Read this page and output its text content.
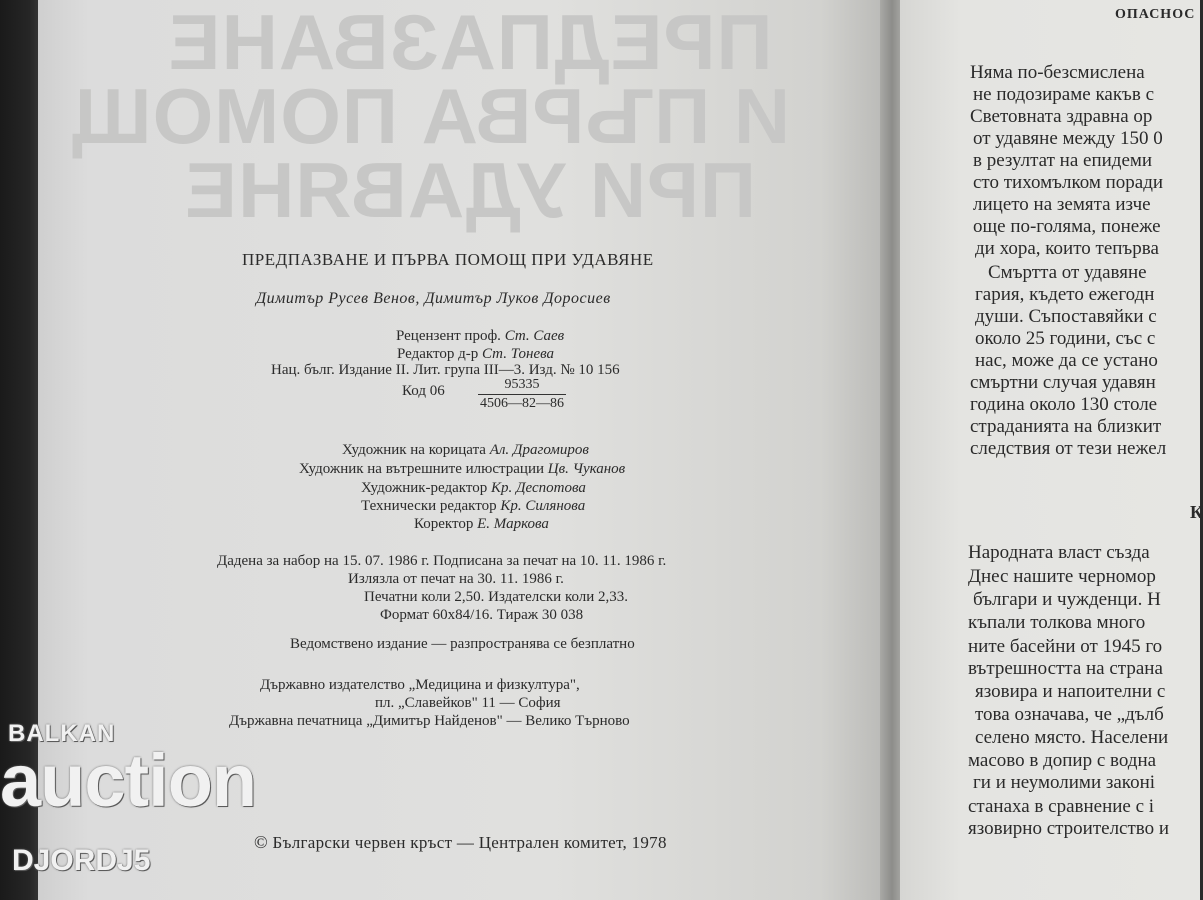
ПРЕДПАЗВАНЕ
И ПЪРВА ПОМОЩ
ПРИ УДАВЯНЕ
ПРЕДПАЗВАНЕ И ПЪРВА ПОМОЩ ПРИ УДАВЯНЕ
Димитър Русев Венов, Димитър Луков Доросиев
Рецензент проф. Ст. Саев
Редактор д-р Ст. Тонева
Нац. бълг. Издание II. Лит. група III—3. Изд. № 10 156
Код $06 \frac{95335}{4506—82—86}$
Художник на корицата Ал. Драгомиров
Художник на вътрешните илюстрации Цв. Чуканов
Художник-редактор Кр. Деспотова
Технически редактор Кр. Силянова
Коректор Е. Маркова
Дадена за набор на 15. 07. 1986 г. Подписана за печат на 10. 11. 1986 г.
Излязла от печат на 30. 11. 1986 г.
Печатни коли 2,50. Издателски коли 2,33.
Формат 60х84/16. Тираж 30 038
Ведомствено издание — разпространява се безплатно
Държавно издателство „Медицина и физкултура",
пл. „Славейков" 11 — София
Държавна печатница „Димитър Найденов" — Велико Търново
© Български червен кръст — Централен комитет, 1978
ОПАСНОС
Няма по-безсмислена
не подозираме какъв с
Световната здравна ор
от удавяне между 150 0
в резултат на епидеми
сто тихомълком поради
лицето на земята изче
още по-голяма, понеже
ди хора, които тепърва
Смъртта от удавяне
гария, където ежегодн
души. Съпоставяйки с
около 25 години, със с
нас, може да се устано
смъртни случая удавян
година около 130 столе
страданията на близкит
следствия от тези нежел
К
Народната власт създа
Днес нашите черномор
българи и чужденци. Н
къпали толкова много
ните басейни от 1945 го
вътрешността на страна
язовира и напоителни с
това означава, че „дълб
селено място. Населени
масово в допир с водна
ги и неумолими законі
станаха в сравнение с і
язовирно строителство и
BALKAN
auction
DJORDJ5
